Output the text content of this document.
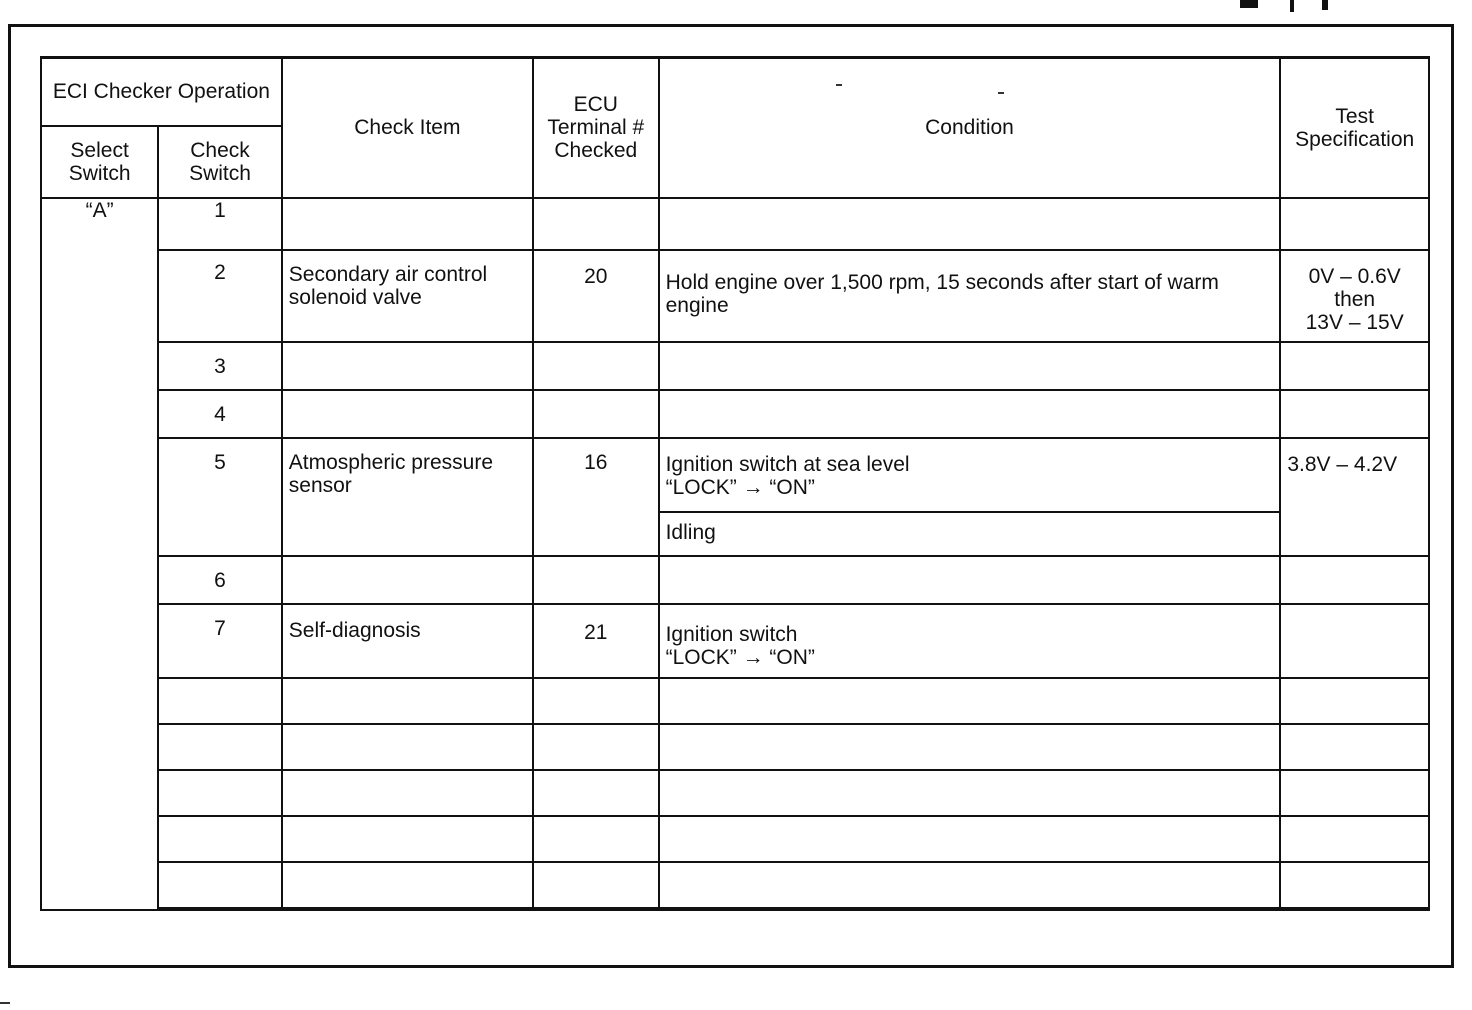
ECI Checker Operation		Check Item	ECU Terminal # Checked	Condition	Test Specification
Select Switch	Check Switch				
“A”	1				
	2	Secondary air control solenoid valve	20	Hold engine over 1,500 rpm, 15 seconds after start of warm engine	0V – 0.6V
then
13V – 15V

	3				
	4				
	5	Atmospheric pressure sensor	16	Ignition switch at sea level
“LOCK” → “ON”	3.8V – 4.2V
				Idling	
	6				
	7	Self-diagnosis	21	Ignition switch
“LOCK” → “ON”	
